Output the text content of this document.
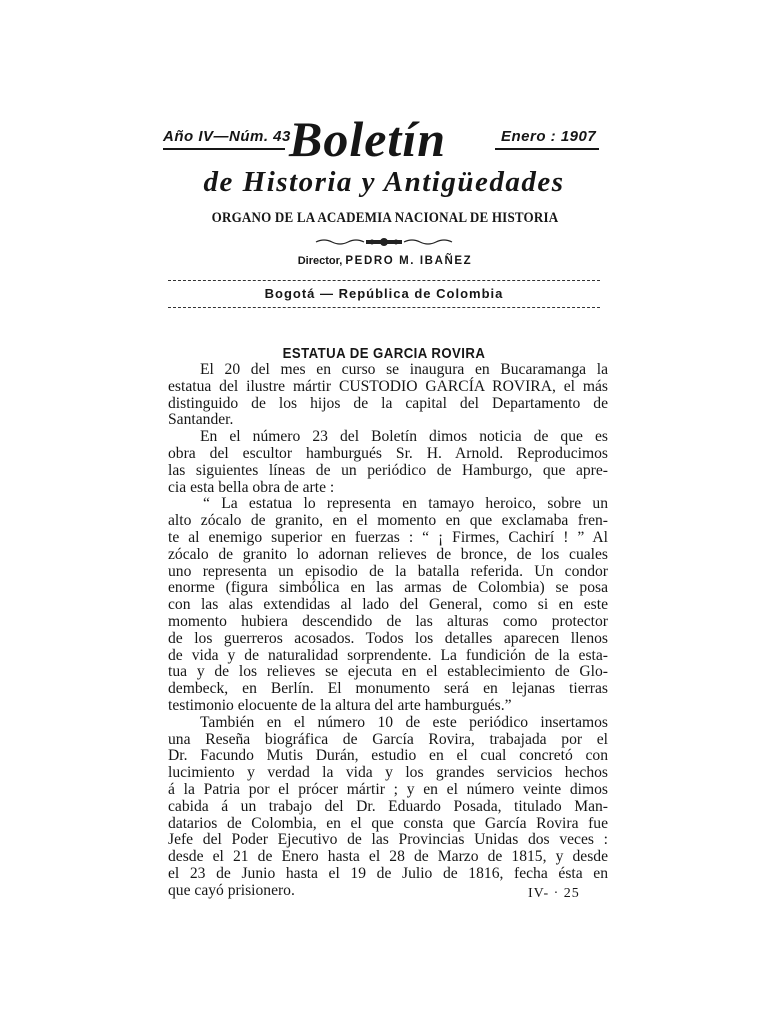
Año IV—Núm. 43
Boletín	Enero : 1907
de Historia y Antigüedades
ORGANO DE LA ACADEMIA NACIONAL DE HISTORIA
Director, PEDRO M. IBAÑEZ
Bogotá — República de Colombia
ESTATUA DE GARCIA ROVIRA
El 20 del mes en curso se inaugura en Bucaramanga la
estatua del ilustre mártir CUSTODIO GARCÍA ROVIRA, el más
distinguido de los hijos de la capital del Departamento de
Santander.
En el número 23 del Boletín dimos noticia de que es
obra del escultor hamburgués Sr. H. Arnold. Reproducimos
las siguientes líneas de un periódico de Hamburgo, que apre-
cia esta bella obra de arte :
“ La estatua lo representa en tamayo heroico, sobre un
alto zócalo de granito, en el momento en que exclamaba fren-
te al enemigo superior en fuerzas : “ ¡ Firmes, Cachirí ! ” Al
zócalo de granito lo adornan relieves de bronce, de los cuales
uno representa un episodio de la batalla referida. Un condor
enorme (figura simbólica en las armas de Colombia) se posa
con las alas extendidas al lado del General, como si en este
momento hubiera descendido de las alturas como protector
de los guerreros acosados. Todos los detalles aparecen llenos
de vida y de naturalidad sorprendente. La fundición de la esta-
tua y de los relieves se ejecuta en el establecimiento de Glo-
dembeck, en Berlín. El monumento será en lejanas tierras
testimonio elocuente de la altura del arte hamburgués.”
También en el número 10 de este periódico insertamos
una Reseña biográfica de García Rovira, trabajada por el
Dr. Facundo Mutis Durán, estudio en el cual concretó con
lucimiento y verdad la vida y los grandes servicios hechos
á la Patria por el prócer mártir ; y en el número veinte dimos
cabida á un trabajo del Dr. Eduardo Posada, titulado Man-
datarios de Colombia, en el que consta que García Rovira fue
Jefe del Poder Ejecutivo de las Provincias Unidas dos veces :
desde el 21 de Enero hasta el 28 de Marzo de 1815, y desde
el 23 de Junio hasta el 19 de Julio de 1816, fecha ésta en
que cayó prisionero.	IV- · 25
